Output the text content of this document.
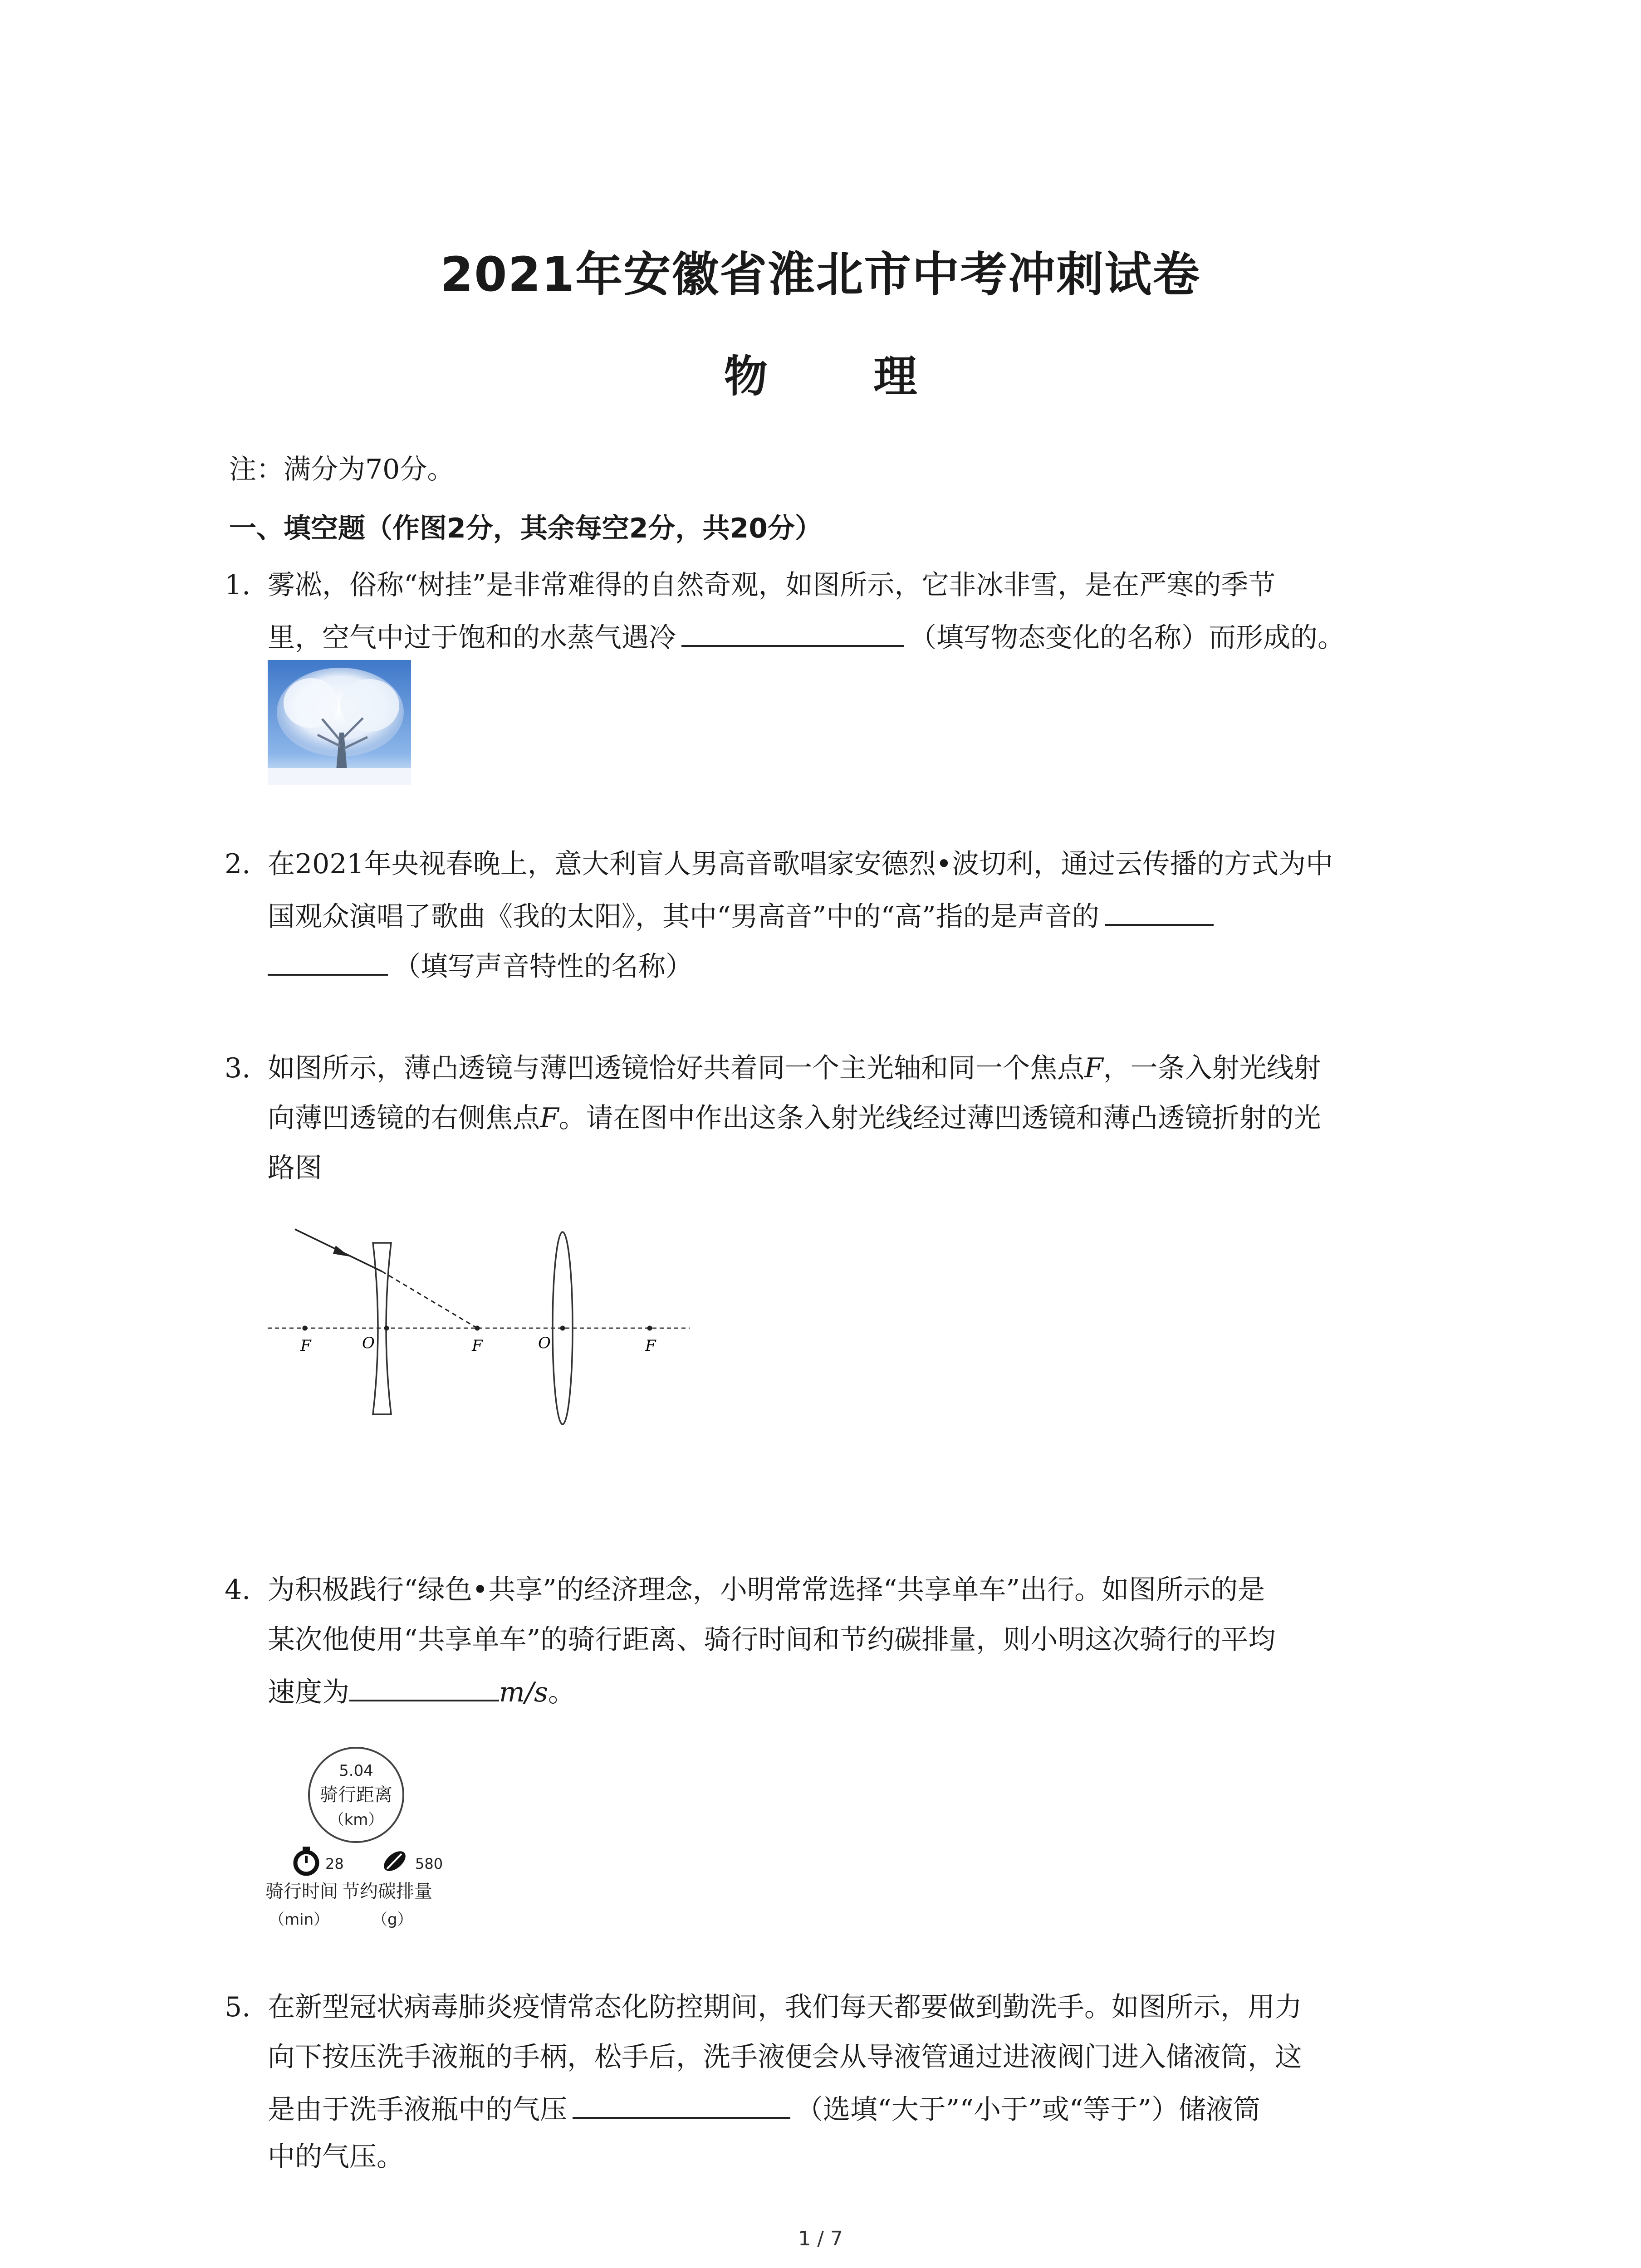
2021年安徽省淮北市中考冲刺试卷
物 理
注：满分为70分。
一、填空题（作图2分，其余每空2分，共20分）
1. 雾凇，俗称“树挂”是非常难得的自然奇观，如图所示，它非冰非雪，是在严寒的季节
里，空气中过于饱和的水蒸气遇冷	（填写物态变化的名称）而形成的。
2. 在2021年央视春晚上，意大利盲人男高音歌唱家安德烈•波切利，通过云传播的方式为中
国观众演唱了歌曲《我的太阳》，其中“男高音”中的“高”指的是声音的
（填写声音特性的名称）
3. 如图所示，薄凸透镜与薄凹透镜恰好共着同一个主光轴和同一个焦点F，一条入射光线射
向薄凹透镜的右侧焦点F。请在图中作出这条入射光线经过薄凹透镜和薄凸透镜折射的光
路图
F	O	F	O	F
4. 为积极践行“绿色•共享”的经济理念，小明常常选择“共享单车”出行。如图所示的是
某次他使用“共享单车”的骑行距离、骑行时间和节约碳排量，则小明这次骑行的平均
速度为	m/s。
5.04
骑行距离
（km）
28	580
骑行时间 节约碳排量
（min）	（g）
5. 在新型冠状病毒肺炎疫情常态化防控期间，我们每天都要做到勤洗手。如图所示，用力
向下按压洗手液瓶的手柄，松手后，洗手液便会从导液管通过进液阀门进入储液筒，这
是由于洗手液瓶中的气压	（选填“大于”“小于”或“等于”）储液筒
中的气压。
1 / 7
